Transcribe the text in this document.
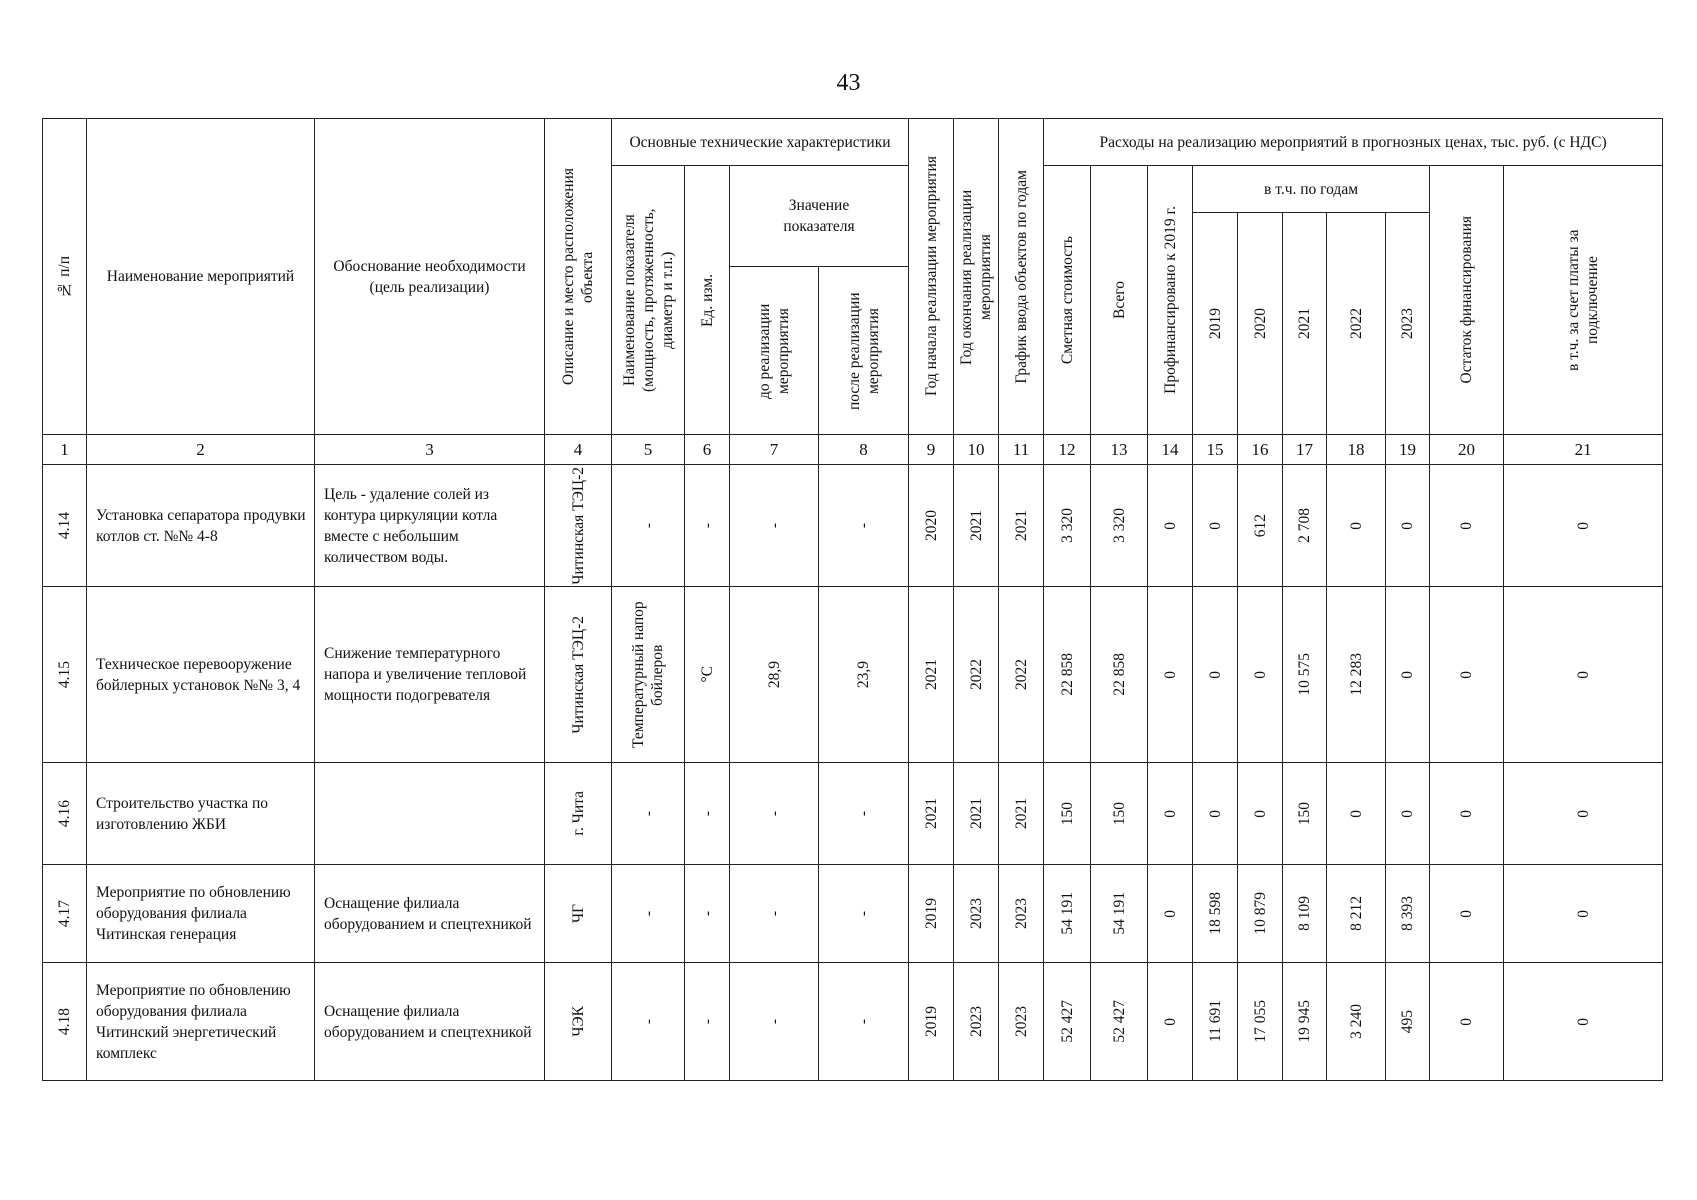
43
№ п/п	Наименование мероприятий	Обоснование необходимости (цель реализации)	Описание и место расположения объекта	Основные технические характеристики				Год начала реализации мероприятия	Год окончания реализации мероприятия	График ввода объектов по годам	Расходы на реализацию мероприятий в прогнозных ценах, тыс. руб. (с НДС)									

				Наименование показателя (мощность, протяженность, диаметр и т.п.)	Ед. изм.	Значение показателя					Сметная стоимость	Всего	Профинансировано к 2019 г.	в т.ч. по годам					Остаток финансирования	в т.ч. за счет платы за подключение

														2019	2020	2021	2022	2023		

						до реализации мероприятия	после реализации мероприятия													

1	2	3	4	5	6	7	8	9	10	11	12	13	14	15	16	17	18	19	20	21

4.14	Установка сепаратора продувки котлов ст. №№ 4-8	Цель - удаление солей из контура циркуляции котла вместе с небольшим количеством воды.	Читинская ТЭЦ-2	-	-	-	-	2020	2021	2021	3 320	3 320	0	0	612	2 708	0	0	0	0

4.15	Техническое перевооружение бойлерных установок №№ 3, 4	Снижение температурного напора и увеличение тепловой мощности подогревателя	Читинская ТЭЦ-2	Температурный напор бойлеров	°С	28,9	23,9	2021	2022	2022	22 858	22 858	0	0	0	10 575	12 283	0	0	0

4.16	Строительство участка по изготовлению ЖБИ		г. Чита	-	-	-	-	2021	2021	2021	150	150	0	0	0	150	0	0	0	0

4.17	Мероприятие по обновлению оборудования филиала Читинская генерация	Оснащение филиала оборудованием и спецтехникой	ЧГ	-	-	-	-	2019	2023	2023	54 191	54 191	0	18 598	10 879	8 109	8 212	8 393	0	0

4.18	Мероприятие по обновлению оборудования филиала Читинский энергетический комплекс	Оснащение филиала оборудованием и спецтехникой	ЧЭК	-	-	-	-	2019	2023	2023	52 427	52 427	0	11 691	17 055	19 945	3 240	495	0	0
